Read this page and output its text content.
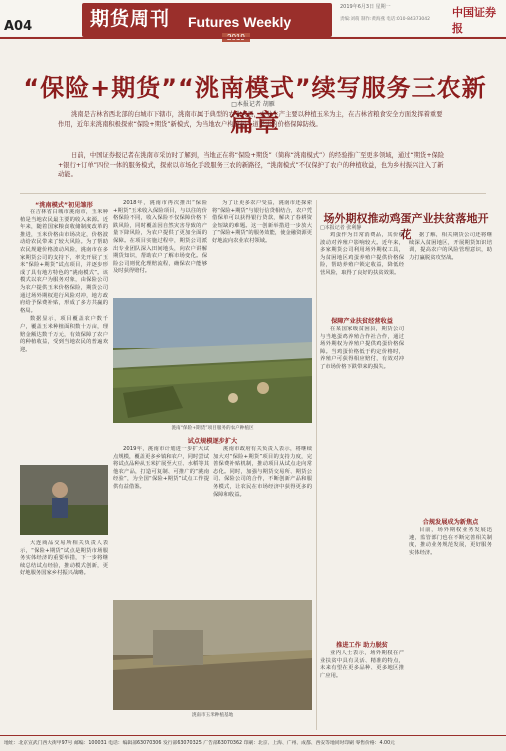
A04	期货周刊 Futures Weekly
2019年6月3日 星期一
责编:刘萌 制作:黄海燕 电话:010-84373042
中国证券报
“保险+期货”“洮南模式”续写服务三农新篇章
□本报记者 胡雁

洮南是吉林省西北部的白城市下辖市，洮南市属于典型的农业大县，农业生产主要以种植玉米为主，在吉林省粮食安全方面发挥着重要作用，近年来洮南积极探索“保险+期货”新模式，为当地农户构筑起一道坚实的价格保障防线。

日前，中国证券报记者在洮南市采访时了解到，当地正在将“保险+期货”（简称“洮南模式”）的经验推广至更多领域，通过“期货+保险+银行+订单”四位一体的服务模式，探索以市场化手段服务三农的新路径，“洮南模式”不仅保护了农户的种植收益，也为乡村振兴注入了新动能。

“洮南模式”初见雏形

在吉林省白城市洮南市，玉米种植是当地农民最主要的收入来源。近年来，随着国家粮食收储制度改革的推进，玉米价格由市场决定，价格波动给农民带来了较大风险。为了帮助农民规避价格波动风险，洮南市在多家期货公司的支持下，率先开展了玉米“保险+期货”试点项目，并逐步形成了具有地方特色的“洮南模式”。该模式以农户为服务对象，由保险公司为农户提供玉米价格保险，期货公司通过场外期权进行风险对冲，地方政府给予保费补贴，形成了多方共赢的格局。

数据显示，项目覆盖农户数千户，覆盖玉米种植面积数十万亩，理赔金额达数千万元，有效保障了农户的种植收益，受到当地农民的普遍欢迎。

2018年，洮南市再次推出“保险+期货”玉米收入保险项目，与以往的价格保险不同，收入保险不仅保障价格下跌风险，同时覆盖因自然灾害导致的产量下降风险，为农户提供了更加全面的保障。在项目实施过程中，期货公司派出专业团队深入田间地头，向农户讲解期货知识，帮助农户了解市场变化。保险公司则优化理赔流程，确保农户能够及时获得赔付。

为了让更多农户受益，洮南市还探索将“保险+期货”与银行信贷相结合，农户凭借保单可以获得银行贷款，解决了春耕资金短缺的难题。这一创新举措进一步放大了“保险+期货”的服务效能，使金融资源更好地流向农业农村领域。

洮南“保险+期货”项目服务的农户种植区
试点规模逐步扩大

2019年，洮南市计划进一步扩大试点规模，覆盖更多乡镇和农户，同时尝试将试点品种从玉米扩展至大豆、水稻等其他农产品，打造可复制、可推广的“洮南经验”，为全国“保险+期货”试点工作提供有益借鉴。

洮南市政府有关负责人表示，将继续加大对“保险+期货”项目的支持力度，完善保费补贴机制，推动项目从试点走向常态化。同时，加强与期货交易所、期货公司、保险公司的合作，不断创新产品和服务模式，让农民在市场经济中获得更多的保障和收益。

大连商品交易所相关负责人表示，“保险+期货”试点是期货市场服务实体经济的重要举措，下一步将继续总结试点经验，推动模式创新，更好地服务国家乡村振兴战略。

洮南市玉米种植基地
场外期权推动鸡蛋产业扶贫落地开花
□本报记者 张利静

鸡蛋作为日常消费品，其价格波动对养殖户影响较大。近年来，多家期货公司利用场外期权工具，为贫困地区鸡蛋养殖户提供价格保险，帮助养殖户锁定收益，降低经营风险，取得了良好的扶贫效果。

保障产业扶贫经营收益

在某国家级贫困县，期货公司与当地蛋鸡养殖合作社合作，通过场外期权为养殖户提供鸡蛋价格保障。当鸡蛋价格低于约定价格时，养殖户可获得相应赔付，有效对冲了市场价格下跌带来的损失。

推进工作 助力脱贫

业内人士表示，场外期权在产业扶贫中具有灵活、精准的特点，未来有望在更多品种、更多地区推广应用。

据了解，相关期货公司还将继续深入贫困地区，开展期货知识培训，提高农户的风险管理意识，助力打赢脱贫攻坚战。

合规发展成为新焦点

目前，场外期权业务发展迅速，监管部门也在不断完善相关制度，推动业务规范发展，更好服务实体经济。

地址：北京宣武门西大街甲97号 邮编：100031 电话：编辑部63070306 发行部63070325 广告部63070362 印刷：北京、上海、广州、成都、西安等地同时印刷 零售价格：4.00元
